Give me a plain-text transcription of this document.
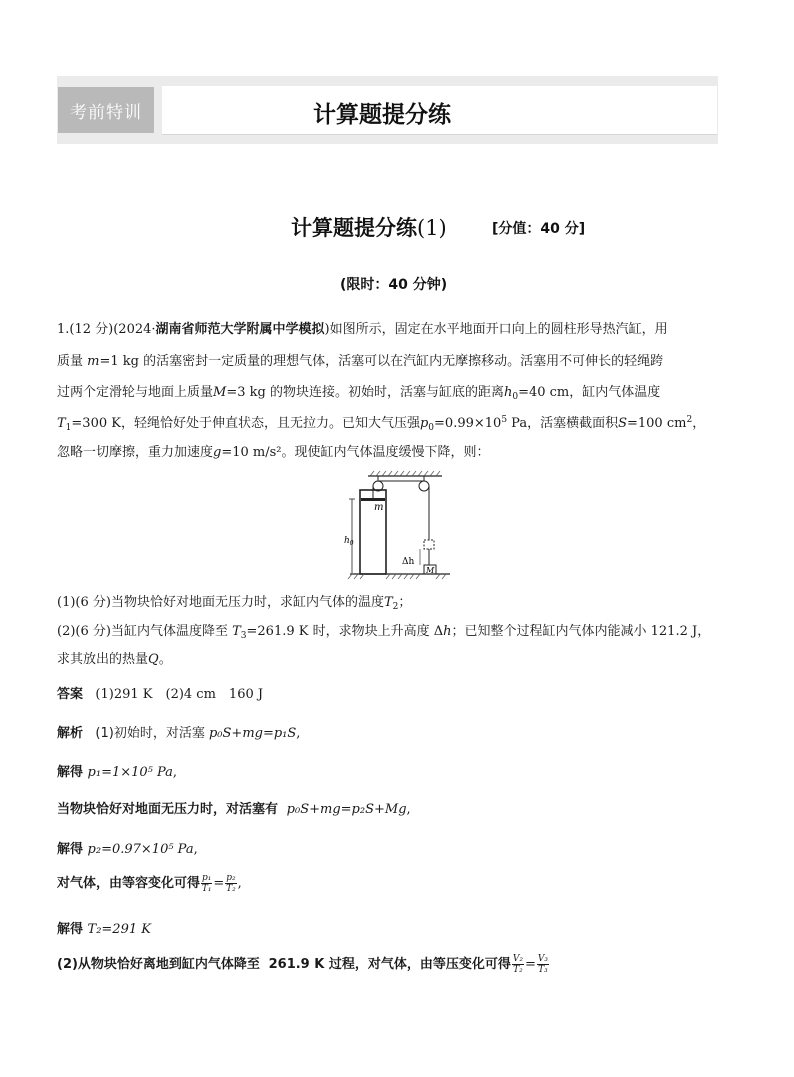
考前特训	计算题提分练
计算题提分练(1)	[分值：40 分]
(限时：40 分钟)
1.(12 分)(2024·湖南省师范大学附属中学模拟)如图所示，固定在水平地面开口向上的圆柱形导热汽缸，用
质量 m=1 kg 的活塞密封一定质量的理想气体，活塞可以在汽缸内无摩擦移动。活塞用不可伸长的轻绳跨
过两个定滑轮与地面上质量M=3 kg 的物块连接。初始时，活塞与缸底的距离$h_0=40$ cm，缸内气体温度
$T_1=300$ K，轻绳恰好处于伸直状态，且无拉力。已知大气压强$p_0=0.99\times 10^5$ Pa，活塞横截面积S=100 $cm^2$，
忽略一切摩擦，重力加速度g=10 m/s²。现使缸内气体温度缓慢下降，则：
m
$h_0$
M
Δh
(1)(6 分)当物块恰好对地面无压力时，求缸内气体的温度$T_2$；
(2)(6 分)当缸内气体温度降至 $T_3=261.9$ K 时，求物块上升高度 Δh；已知整个过程缸内气体内能减小 121.2 J，
求其放出的热量Q。
答案 (1)291 K　(2)4 cm　160 J
解析 (1)初始时，对活塞 p₀S+mg=p₁S,
解得 p₁=1×10⁵ Pa,
当物块恰好对地面无压力时，对活塞有  p₀S+mg=p₂S+Mg,
解得 p₂=0.97×10⁵ Pa,
对气体，由等容变化可得 $\frac{\text{p₁}}{\text{T₁}} = \frac{\text{p₂}}{\text{T₂}}$ ,
解得 T₂=291 K
(2)从物块恰好离地到缸内气体降至  261.9 K 过程，对气体，由等压变化可得 $\frac{\text{V₂}}{\text{T₂}} = \frac{\text{V₃}}{\text{T₃}}$
